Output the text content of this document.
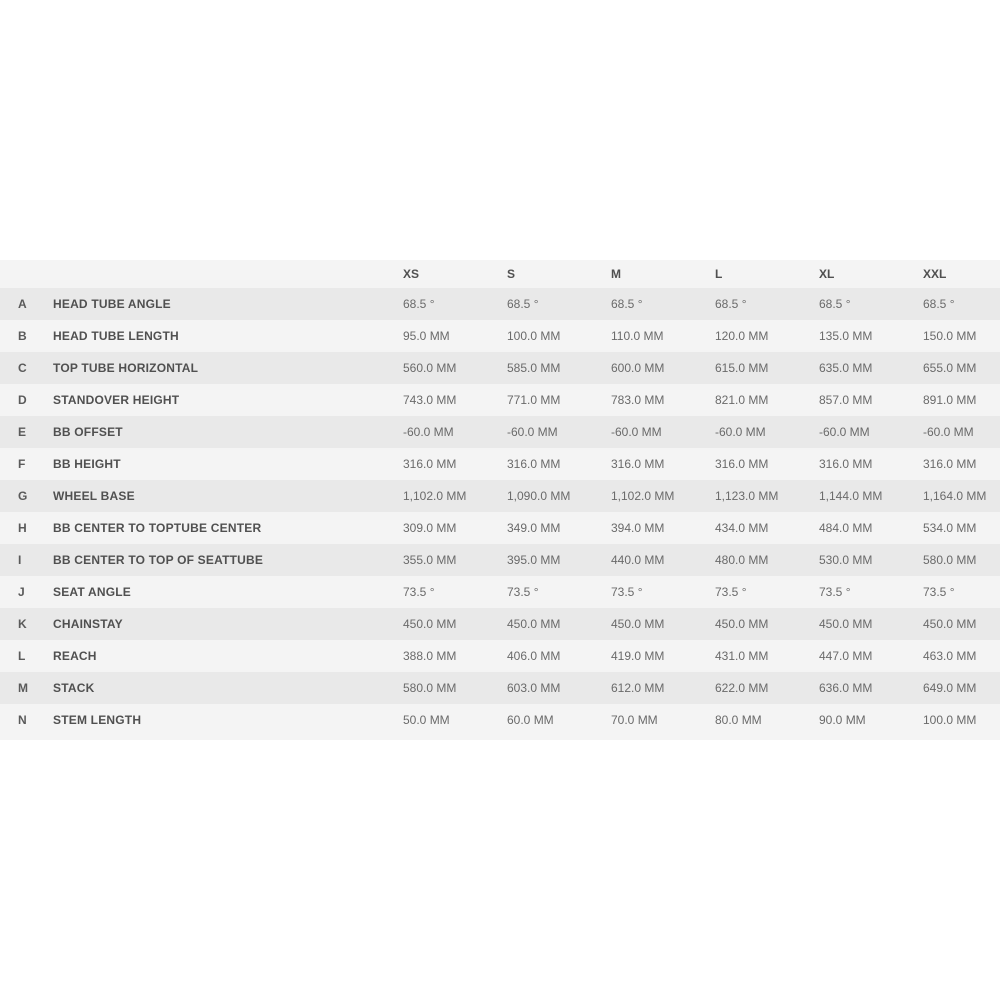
XS	S	M	L	XL	XXL
A HEAD TUBE ANGLE	68.5 °	68.5 °	68.5 °	68.5 °	68.5 °	68.5 °
B HEAD TUBE LENGTH	95.0 MM	100.0 MM	110.0 MM	120.0 MM	135.0 MM	150.0 MM
C TOP TUBE HORIZONTAL	560.0 MM	585.0 MM	600.0 MM	615.0 MM	635.0 MM	655.0 MM
D STANDOVER HEIGHT	743.0 MM	771.0 MM	783.0 MM	821.0 MM	857.0 MM	891.0 MM
E BB OFFSET	-60.0 MM	-60.0 MM	-60.0 MM	-60.0 MM	-60.0 MM	-60.0 MM
F BB HEIGHT	316.0 MM	316.0 MM	316.0 MM	316.0 MM	316.0 MM	316.0 MM
G WHEEL BASE	1,102.0 MM	1,090.0 MM	1,102.0 MM	1,123.0 MM	1,144.0 MM	1,164.0 MM
H BB CENTER TO TOPTUBE CENTER	309.0 MM	349.0 MM	394.0 MM	434.0 MM	484.0 MM	534.0 MM
I	BB CENTER TO TOP OF SEATTUBE	355.0 MM	395.0 MM	440.0 MM	480.0 MM	530.0 MM	580.0 MM
J SEAT ANGLE	73.5 °	73.5 °	73.5 °	73.5 °	73.5 °	73.5 °
K CHAINSTAY	450.0 MM	450.0 MM	450.0 MM	450.0 MM	450.0 MM	450.0 MM
L REACH	388.0 MM	406.0 MM	419.0 MM	431.0 MM	447.0 MM	463.0 MM
M STACK	580.0 MM	603.0 MM	612.0 MM	622.0 MM	636.0 MM	649.0 MM
N STEM LENGTH	50.0 MM	60.0 MM	70.0 MM	80.0 MM	90.0 MM	100.0 MM
